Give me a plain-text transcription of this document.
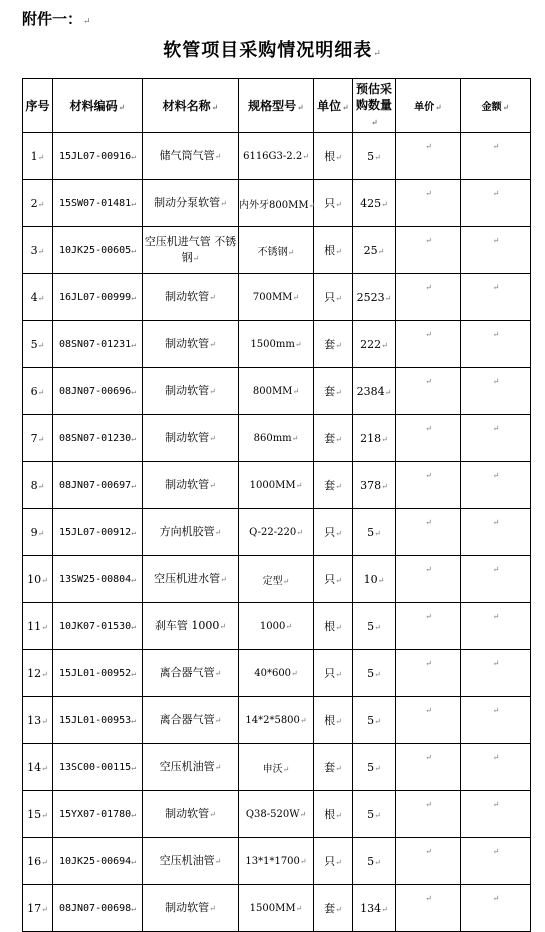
附件一：↵
软管项目采购情况明细表↵
序号	材料编码↵	材料名称↵	规格型号↵	单位↵	预估采购数量↵	单价↵	金额↵
1↵	15JL07-00916↵	储气筒气管↵	6116G3-2.2↵	根↵	5↵	↵	↵
2↵	15SW07-01481↵	制动分泵软管↵	内外牙800MM↵	只↵	425↵	↵	↵
3↵	10JK25-00605↵	空压机进气管 不锈钢↵	不锈钢↵	根↵	25↵	↵	↵
4↵	16JL07-00999↵	制动软管↵	700MM↵	只↵	2523↵	↵	↵
5↵	08SN07-01231↵	制动软管↵	1500mm↵	套↵	222↵	↵	↵
6↵	08JN07-00696↵	制动软管↵	800MM↵	套↵	2384↵	↵	↵
7↵	08SN07-01230↵	制动软管↵	860mm↵	套↵	218↵	↵	↵
8↵	08JN07-00697↵	制动软管↵	1000MM↵	套↵	378↵	↵	↵
9↵	15JL07-00912↵	方向机胶管↵	Q-22-220↵	只↵	5↵	↵	↵
10↵	13SW25-00804↵	空压机进水管↵	定型↵	只↵	10↵	↵	↵
11↵	10JK07-01530↵	刹车管 1000↵	1000↵	根↵	5↵	↵	↵
12↵	15JL01-00952↵	离合器气管↵	40*600↵	只↵	5↵	↵	↵
13↵	15JL01-00953↵	离合器气管↵	14*2*5800↵	根↵	5↵	↵	↵
14↵	13SC00-00115↵	空压机油管↵	申沃↵	套↵	5↵	↵	↵
15↵	15YX07-01780↵	制动软管↵	Q38-520W↵	根↵	5↵	↵	↵
16↵	10JK25-00694↵	空压机油管↵	13*1*1700↵	只↵	5↵	↵	↵
17↵	08JN07-00698↵	制动软管↵	1500MM↵	套↵	134↵	↵	↵
